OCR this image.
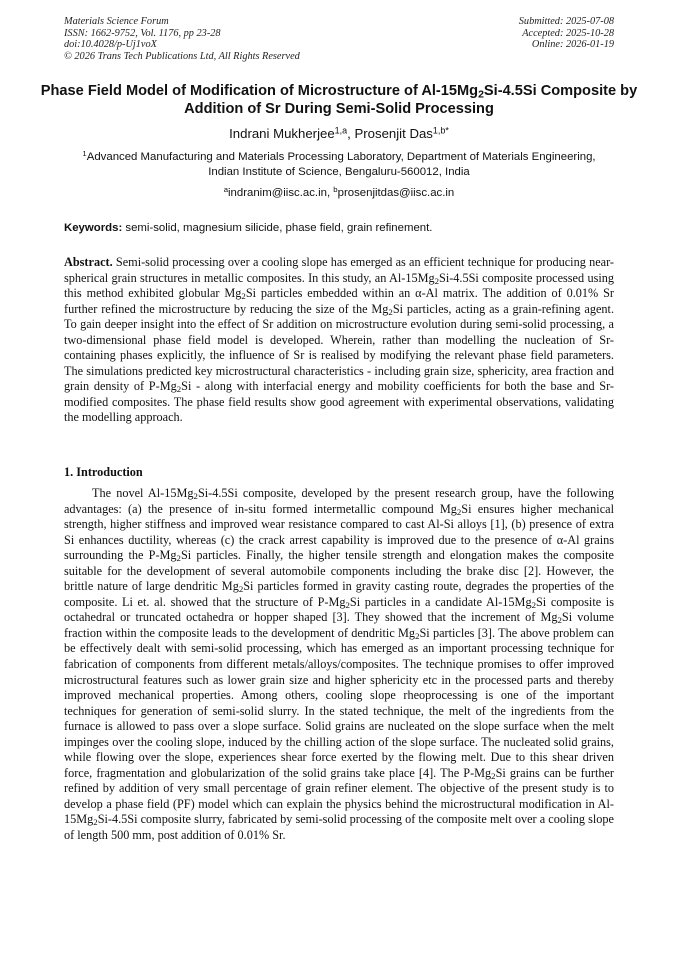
Materials Science Forum
ISSN: 1662-9752, Vol. 1176, pp 23-28
doi:10.4028/p-Uj1voX
© 2026 Trans Tech Publications Ltd, All Rights Reserved
Submitted: 2025-07-08
Accepted: 2025-10-28
Online: 2026-01-19
Phase Field Model of Modification of Microstructure of $Al-15Mg_2Si-4.5Si$ Composite by Addition of Sr During Semi-Solid Processing
Indrani Mukherjee$^{1,a}$, Prosenjit Das$^{1,b*}$
$^1$Advanced Manufacturing and Materials Processing Laboratory, Department of Materials Engineering, Indian Institute of Science, Bengaluru-560012, India
$^a$indranim@iisc.ac.in, $^b$prosenjitdas@iisc.ac.in
Keywords: semi-solid, magnesium silicide, phase field, grain refinement.
Abstract. Semi-solid processing over a cooling slope has emerged as an efficient technique for producing near-spherical grain structures in metallic composites. In this study, an $Al-15Mg_2Si-4.5Si$ composite processed using this method exhibited globular $Mg_2Si$ particles embedded within an α-Al matrix. The addition of 0.01% Sr further refined the microstructure by reducing the size of the $Mg_2Si$ particles, acting as a grain-refining agent. To gain deeper insight into the effect of Sr addition on microstructure evolution during semi-solid processing, a two-dimensional phase field model is developed. Wherein, rather than modelling the nucleation of Sr-containing phases explicitly, the influence of Sr is realised by modifying the relevant phase field parameters. The simulations predicted key microstructural characteristics - including grain size, sphericity, area fraction and grain density of $P-Mg_2Si$ - along with interfacial energy and mobility coefficients for both the base and Sr-modified composites. The phase field results show good agreement with experimental observations, validating the modelling approach.
1. Introduction
The novel $Al-15Mg_2Si-4.5Si$ composite, developed by the present research group, have the following advantages: (a) the presence of in-situ formed intermetallic compound $Mg_2Si$ ensures higher mechanical strength, higher stiffness and improved wear resistance compared to cast Al-Si alloys [1], (b) presence of extra Si enhances ductility, whereas (c) the crack arrest capability is improved due to the presence of α-Al grains surrounding the $P-Mg_2Si$ particles. Finally, the higher tensile strength and elongation makes the composite suitable for the development of several automobile components including the brake disc [2]. However, the brittle nature of large dendritic $Mg_2Si$ particles formed in gravity casting route, degrades the properties of the composite. Li et. al. showed that the structure of $P-Mg_2Si$ particles in a candidate $Al-15Mg_2Si$ composite is octahedral or truncated octahedra or hopper shaped [3]. They showed that the increment of $Mg_2Si$ volume fraction within the composite leads to the development of dendritic $Mg_2Si$ particles [3]. The above problem can be effectively dealt with semi-solid processing, which has emerged as an important processing technique for fabrication of components from different metals/alloys/composites. The technique promises to offer improved microstructural features such as lower grain size and higher sphericity etc in the processed parts and thereby improved mechanical properties. Among others, cooling slope rheoprocessing is one of the important techniques for generation of semi-solid slurry. In the stated technique, the melt of the ingredients from the furnace is allowed to pass over a slope surface. Solid grains are nucleated on the slope surface when the melt impinges over the cooling slope, induced by the chilling action of the slope surface. The nucleated solid grains, while flowing over the slope, experiences shear force exerted by the flowing melt. Due to this shear driven force, fragmentation and globularization of the solid grains take place [4]. The $P-Mg_2Si$ grains can be further refined by addition of very small percentage of grain refiner element. The objective of the present study is to develop a phase field (PF) model which can explain the physics behind the microstructural modification in $Al-15Mg_2Si-4.5Si$ composite slurry, fabricated by semi-solid processing of the composite melt over a cooling slope of length 500 mm, post addition of 0.01% Sr.
